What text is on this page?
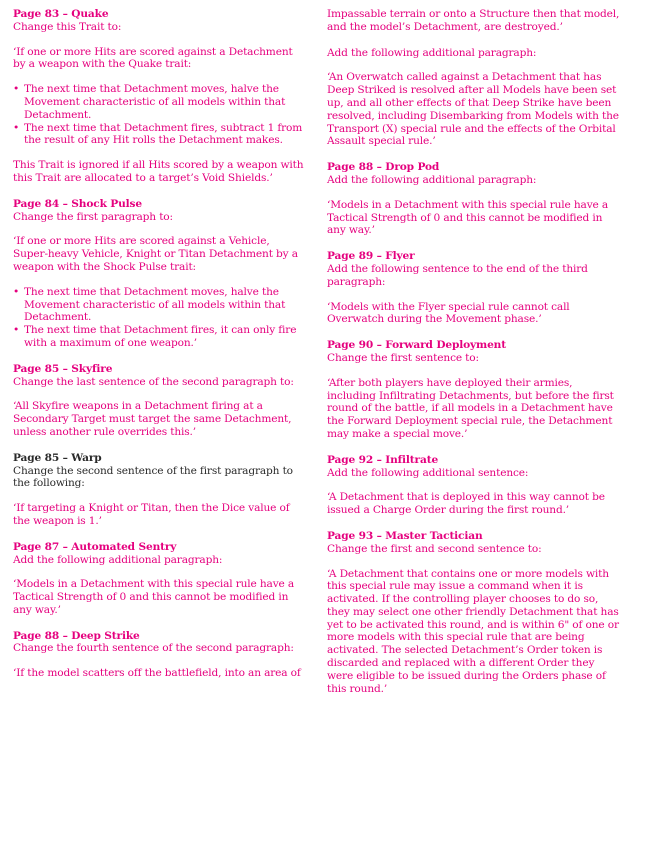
Page 83 – Quake

Change this Trait to:

‘If one or more Hits are scored against a Detachment by a weapon with the Quake trait:

• The next time that Detachment moves, halve the Movement characteristic of all models within that Detachment.
• The next time that Detachment fires, subtract 1 from the result of any Hit rolls the Detachment makes.

This Trait is ignored if all Hits scored by a weapon with this Trait are allocated to a target’s Void Shields.’

Page 84 – Shock Pulse

Change the first paragraph to:

‘If one or more Hits are scored against a Vehicle, Super-heavy Vehicle, Knight or Titan Detachment by a weapon with the Shock Pulse trait:

• The next time that Detachment moves, halve the Movement characteristic of all models within that Detachment.
• The next time that Detachment fires, it can only fire with a maximum of one weapon.’

Page 85 – Skyfire

Change the last sentence of the second paragraph to:

‘All Skyfire weapons in a Detachment firing at a Secondary Target must target the same Detachment, unless another rule overrides this.’

Page 85 – Warp

Change the second sentence of the first paragraph to the following:

‘If targeting a Knight or Titan, then the Dice value of the weapon is 1.’

Page 87 – Automated Sentry

Add the following additional paragraph:

‘Models in a Detachment with this special rule have a Tactical Strength of 0 and this cannot be modified in any way.’

Page 88 – Deep Strike

Change the fourth sentence of the second paragraph:

‘If the model scatters off the battlefield, into an area of

Impassable terrain or onto a Structure then that model, and the model’s Detachment, are destroyed.’

Add the following additional paragraph:

‘An Overwatch called against a Detachment that has Deep Striked is resolved after all Models have been set up, and all other effects of that Deep Strike have been resolved, including Disembarking from Models with the Transport (X) special rule and the effects of the Orbital Assault special rule.’

Page 88 – Drop Pod

Add the following additional paragraph:

‘Models in a Detachment with this special rule have a Tactical Strength of 0 and this cannot be modified in any way.’

Page 89 – Flyer

Add the following sentence to the end of the third paragraph:

‘Models with the Flyer special rule cannot call Overwatch during the Movement phase.’

Page 90 – Forward Deployment

Change the first sentence to:

‘After both players have deployed their armies, including Infiltrating Detachments, but before the first round of the battle, if all models in a Detachment have the Forward Deployment special rule, the Detachment may make a special move.’

Page 92 – Infiltrate

Add the following additional sentence:

‘A Detachment that is deployed in this way cannot be issued a Charge Order during the first round.’

Page 93 – Master Tactician

Change the first and second sentence to:

‘A Detachment that contains one or more models with this special rule may issue a command when it is activated. If the controlling player chooses to do so, they may select one other friendly Detachment that has yet to be activated this round, and is within 6" of one or more models with this special rule that are being activated. The selected Detachment’s Order token is discarded and replaced with a different Order they were eligible to be issued during the Orders phase of this round.’
